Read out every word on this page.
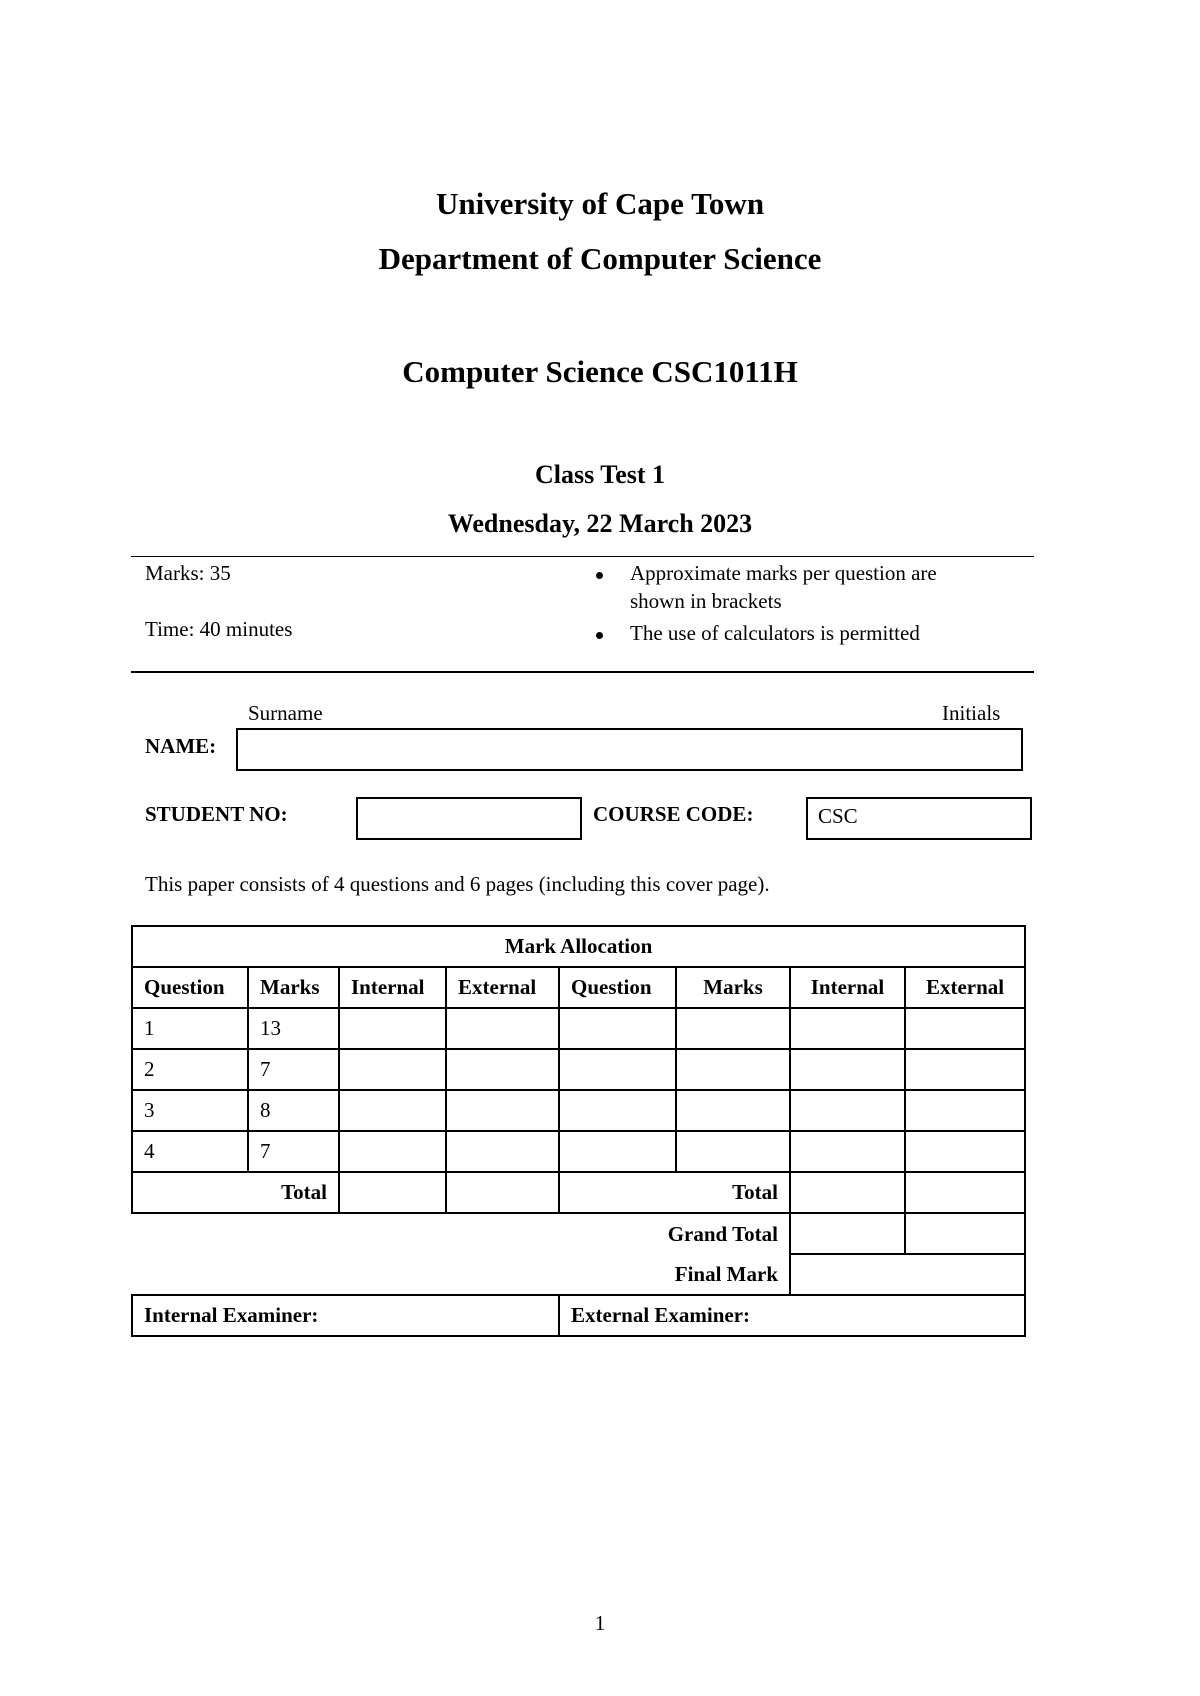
University of Cape Town
Department of Computer Science
Computer Science CSC1011H
Class Test 1
Wednesday, 22 March 2023
Marks: 35
Time: 40 minutes
Approximate marks per question are
shown in brackets
The use of calculators is permitted
Surname	Initials
NAME:
STUDENT NO:	COURSE CODE:	CSC
This paper consists of 4 questions and 6 pages (including this cover page).
Mark Allocation							
Question	Marks	Internal	External	Question	Marks	Internal	External
1	13						
2	7						
3	8						
4	7						
Total				Total			
Grand Total							
Final Mark							
Internal Examiner:				External Examiner:			
1
